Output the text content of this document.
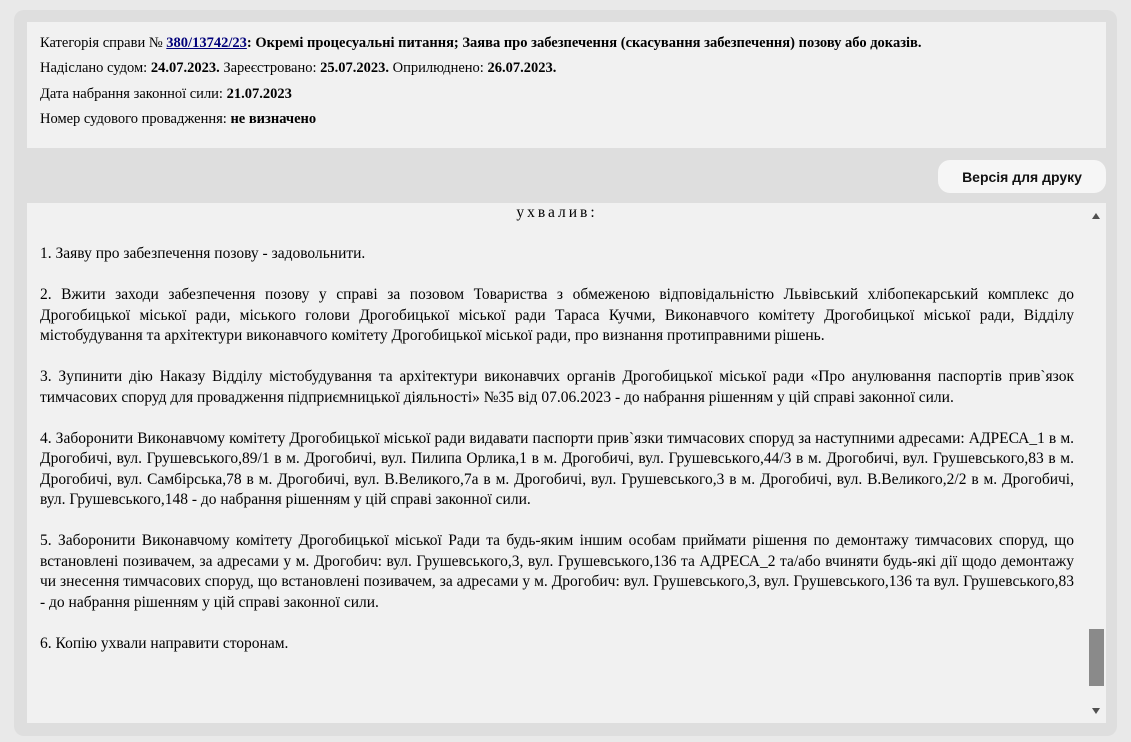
Категорія справи № 380/13742/23: Окремі процесуальні питання; Заява про забезпечення (скасування забезпечення) позову або доказів.
Надіслано судом: 24.07.2023. Зареєстровано: 25.07.2023. Оприлюднено: 26.07.2023.
Дата набрання законної сили: 21.07.2023
Номер судового провадження: не визначено
Версія для друку
ухвалив:

1. Заяву про забезпечення позову - задовольнити.

2. Вжити заходи забезпечення позову у справі за позовом Товариства з обмеженою відповідальністю Львівський хлібопекарський комплекс до Дрогобицької міської ради, міського голови Дрогобицької міської ради Тараса Кучми, Виконавчого комітету Дрогобицької міської ради, Відділу містобудування та архітектури виконавчого комітету Дрогобицької міської ради, про визнання протиправними рішень.

3. Зупинити дію Наказу Відділу містобудування та архітектури виконавчих органів Дрогобицької міської ради «Про анулювання паспортів прив`язок тимчасових споруд для провадження підприємницької діяльності» №35 від 07.06.2023 - до набрання рішенням у цій справі законної сили.

4. Заборонити Виконавчому комітету Дрогобицької міської ради видавати паспорти прив`язки тимчасових споруд за наступними адресами: АДРЕСА_1 в м. Дрогобичі, вул. Грушевського,89/1 в м. Дрогобичі, вул. Пилипа Орлика,1 в м. Дрогобичі, вул. Грушевського,44/3 в м. Дрогобичі, вул. Грушевського,83 в м. Дрогобичі, вул. Самбірська,78 в м. Дрогобичі, вул. В.Великого,7а в м. Дрогобичі, вул. Грушевського,3 в м. Дрогобичі, вул. В.Великого,2/2 в м. Дрогобичі, вул. Грушевського,148 - до набрання рішенням у цій справі законної сили.

5. Заборонити Виконавчому комітету Дрогобицької міської Ради та будь-яким іншим особам приймати рішення по демонтажу тимчасових споруд, що встановлені позивачем, за адресами у м. Дрогобич: вул. Грушевського,3, вул. Грушевського,136 та АДРЕСА_2 та/або вчиняти будь-які дії щодо демонтажу чи знесення тимчасових споруд, що встановлені позивачем, за адресами у м. Дрогобич: вул. Грушевського,3, вул. Грушевського,136 та вул. Грушевського,83 - до набрання рішенням у цій справі законної сили.

6. Копію ухвали направити сторонам.
